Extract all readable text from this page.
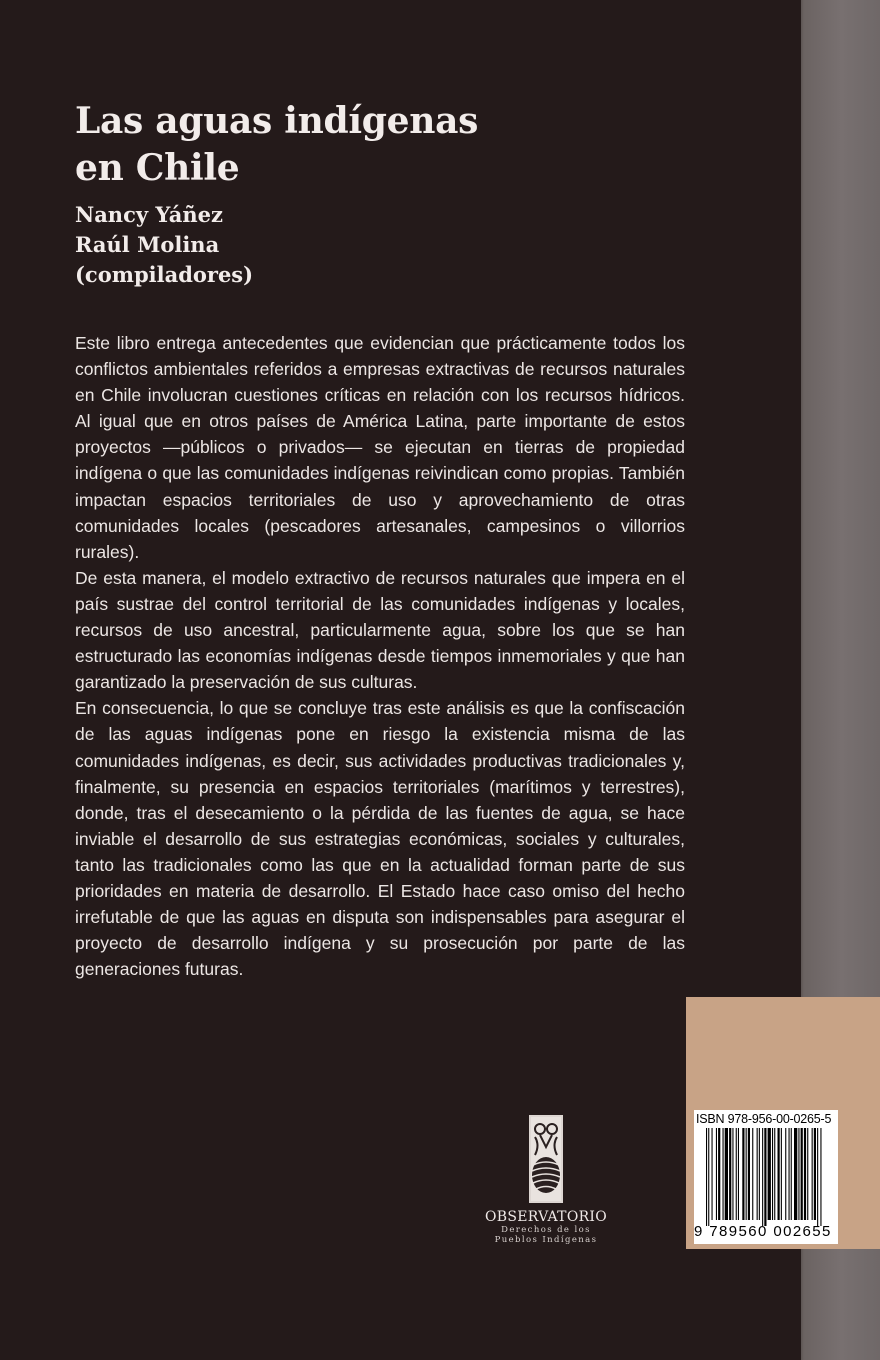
Las aguas indígenas
en Chile
Nancy Yáñez
Raúl Molina
(compiladores)

Este libro entrega antecedentes que evidencian que prácticamente todos los conflictos ambientales referidos a empresas extractivas de recursos naturales en Chile involucran cuestiones críticas en relación con los recursos hídricos. Al igual que en otros países de América Latina, parte importante de estos proyectos —públicos o privados— se ejecutan en tierras de propiedad indígena o que las comunidades indígenas reivindican como propias. También impactan espacios territoriales de uso y aprovechamiento de otras comunidades locales (pescadores artesanales, campesinos o villorrios rurales).

De esta manera, el modelo extractivo de recursos naturales que impera en el país sustrae del control territorial de las comunidades indígenas y locales, recursos de uso ancestral, particularmente agua, sobre los que se han estructurado las economías indígenas desde tiempos inmemoriales y que han garantizado la preservación de sus culturas.

En consecuencia, lo que se concluye tras este análisis es que la confiscación de las aguas indígenas pone en riesgo la existencia misma de las comunidades indígenas, es decir, sus actividades productivas tradicionales y, finalmente, su presencia en espacios territoriales (marítimos y terrestres), donde, tras el desecamiento o la pérdida de las fuentes de agua, se hace inviable el desarrollo de sus estrategias económicas, sociales y culturales, tanto las tradicionales como las que en la actualidad forman parte de sus prioridades en materia de desarrollo. El Estado hace caso omiso del hecho irrefutable de que las aguas en disputa son indispensables para asegurar el proyecto de desarrollo indígena y su prosecución por parte de las generaciones futuras.

OBSERVATORIO
Derechos de los
Pueblos Indígenas
ISBN 978-956-00-0265-5
9 789560 002655
